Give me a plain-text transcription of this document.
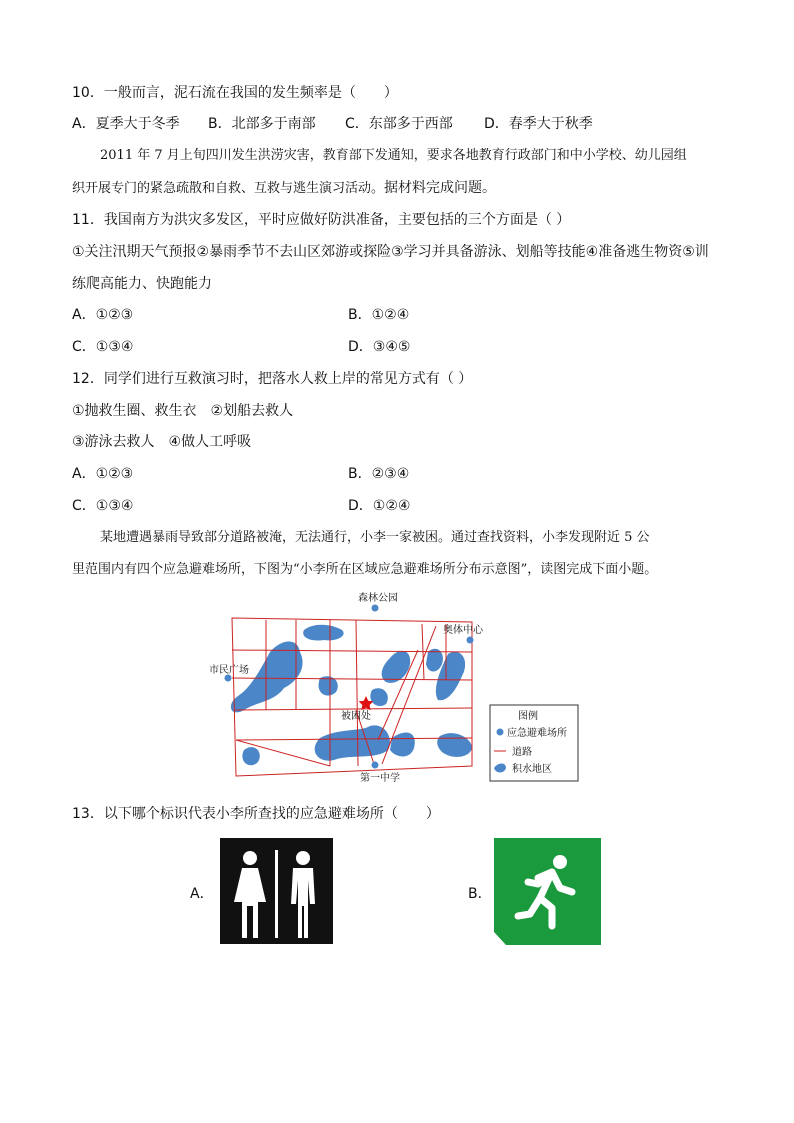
10．一般而言，泥石流在我国的发生频率是（　　）
A．夏季大于冬季 B．北部多于南部 C．东部多于西部 D．春季大于秋季
2011 年 7 月上旬四川发生洪涝灾害，教育部下发通知，要求各地教育行政部门和中小学校、幼儿园组
织开展专门的紧急疏散和自救、互救与逃生演习活动。据材料完成问题。
11．我国南方为洪灾多发区，平时应做好防洪准备，主要包括的三个方面是（ ）
①关注汛期天气预报②暴雨季节不去山区郊游或探险③学习并具备游泳、划船等技能④准备逃生物资⑤训
练爬高能力、快跑能力
A．①②③	B．①②④
C．①③④	D．③④⑤
12．同学们进行互救演习时，把落水人救上岸的常见方式有（ ）
①抛救生圈、救生衣　②划船去救人
③游泳去救人　④做人工呼吸
A．①②③	B．②③④
C．①③④	D．①②④
某地遭遇暴雨导致部分道路被淹，无法通行，小李一家被困。通过查找资料，小李发现附近 5 公
里范围内有四个应急避难场所，下图为“小李所在区域应急避难场所分布示意图”，读图完成下面小题。
森林公园
奥体中心
市民广场
被困处
第一中学
图例
应急避难场所
道路
积水地区
13．以下哪个标识代表小李所查找的应急避难场所（　　）
A．	B．
